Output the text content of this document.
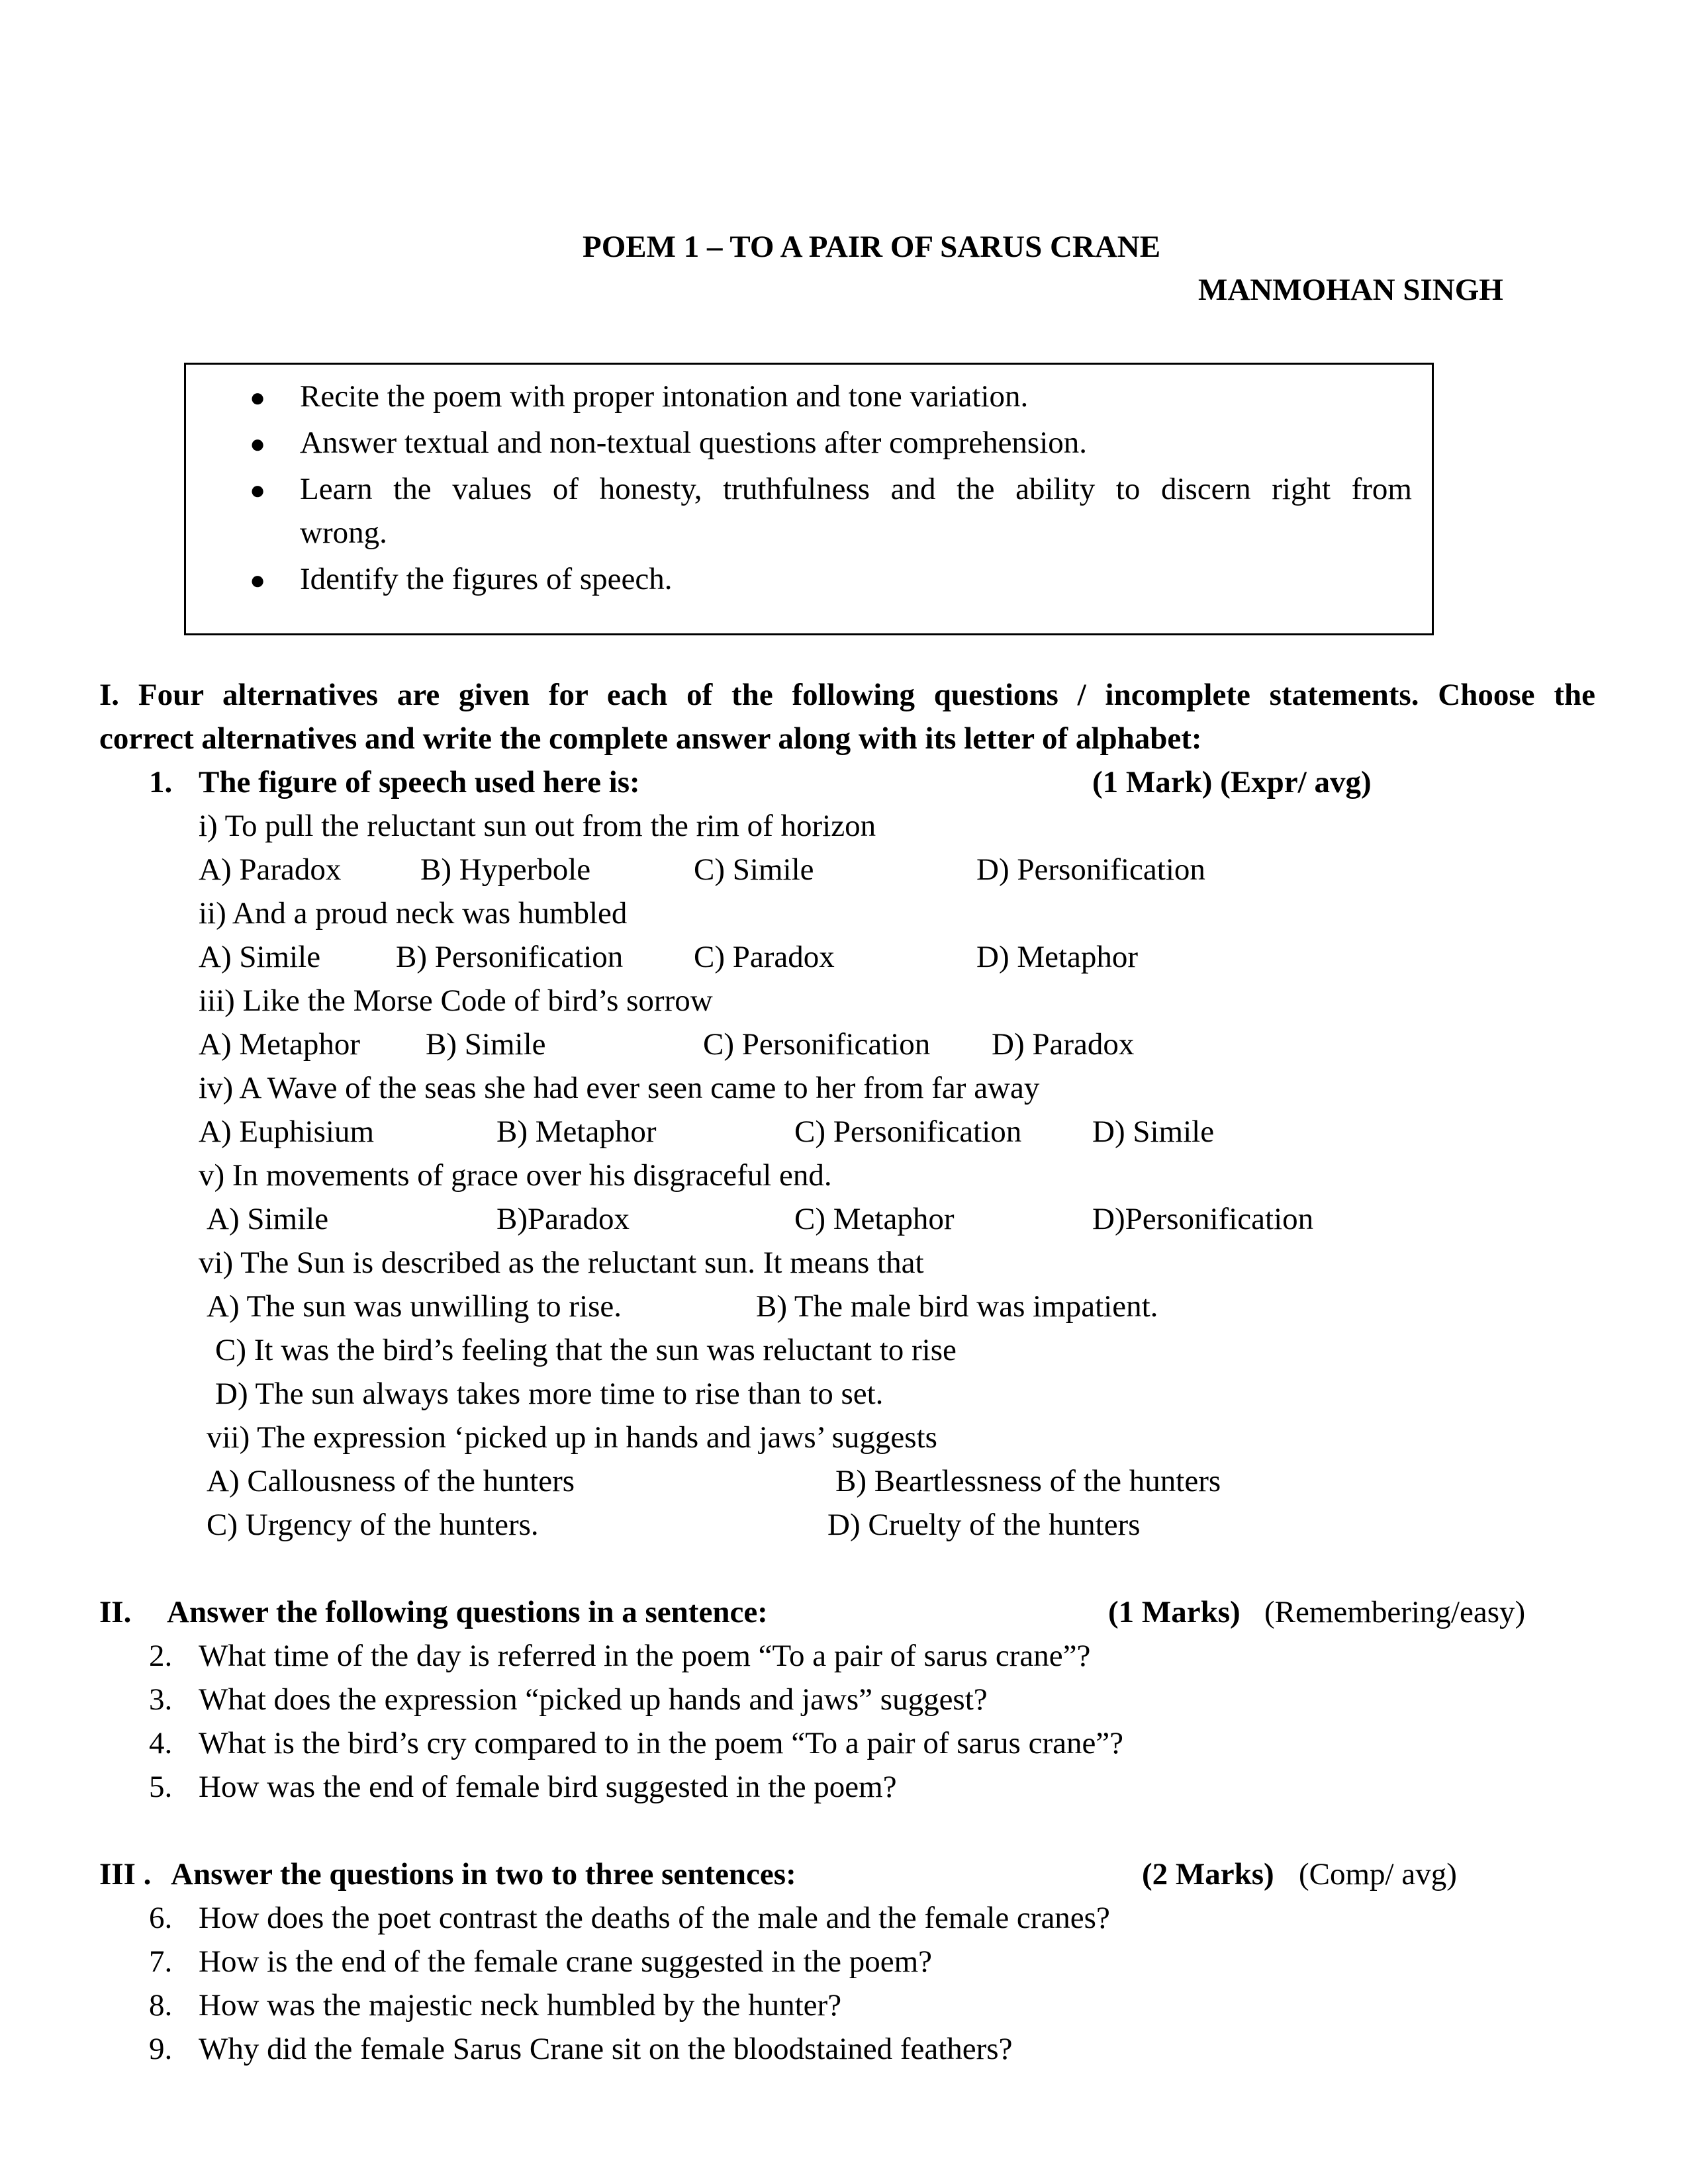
POEM 1 – TO A PAIR OF SARUS CRANE
MANMOHAN SINGH
● Recite the poem with proper intonation and tone variation.
● Answer textual and non-textual questions after comprehension.
● Learn the values of honesty, truthfulness and the ability to discern right from
wrong.
● Identify the figures of speech.
I. Four alternatives are given for each of the following questions / incomplete statements. Choose the
correct alternatives and write the complete answer along with its letter of alphabet:
1. The figure of speech used here is:	(1 Mark) (Expr/ avg)
i) To pull the reluctant sun out from the rim of horizon
A) Paradox	B) Hyperbole	C) Simile	D) Personification
ii) And a proud neck was humbled
A) Simile B) Personification C) Paradox	D) Metaphor
iii) Like the Morse Code of bird’s sorrow
A) Metaphor B) Simile	C) Personification D) Paradox
iv) A Wave of the seas she had ever seen came to her from far away
A) Euphisium	B) Metaphor	C) Personification D) Simile
v) In movements of grace over his disgraceful end.
A) Simile	B)Paradox	C) Metaphor	D)Personification
vi) The Sun is described as the reluctant sun. It means that
A) The sun was unwilling to rise.	B) The male bird was impatient.
C) It was the bird’s feeling that the sun was reluctant to rise
D) The sun always takes more time to rise than to set.
vii) The expression ‘picked up in hands and jaws’ suggests
A) Callousness of the hunters	B) Beartlessness of the hunters
C) Urgency of the hunters.	D) Cruelty of the hunters
II. Answer the following questions in a sentence:	(1 Marks) (Remembering/easy)
2. What time of the day is referred in the poem “To a pair of sarus crane”?
3. What does the expression “picked up hands and jaws” suggest?
4. What is the bird’s cry compared to in the poem “To a pair of sarus crane”?
5. How was the end of female bird suggested in the poem?
III . Answer the questions in two to three sentences:	(2 Marks) (Comp/ avg)
6. How does the poet contrast the deaths of the male and the female cranes?
7. How is the end of the female crane suggested in the poem?
8. How was the majestic neck humbled by the hunter?
9. Why did the female Sarus Crane sit on the bloodstained feathers?
